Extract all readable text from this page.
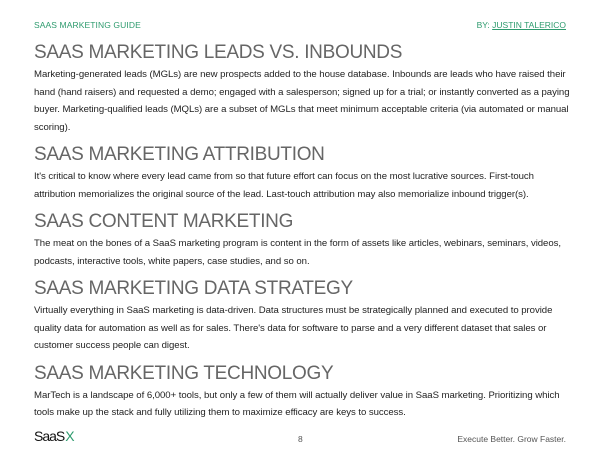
SAAS MARKETING GUIDE	BY: JUSTIN TALERICO
SAAS MARKETING LEADS VS. INBOUNDS

Marketing-generated leads (MGLs) are new prospects added to the house database. Inbounds are leads who have raised their hand (hand raisers) and requested a demo; engaged with a salesperson; signed up for a trial; or instantly converted as a paying buyer. Marketing-qualified leads (MQLs) are a subset of MGLs that meet minimum acceptable criteria (via automated or manual scoring).

SAAS MARKETING ATTRIBUTION

It's critical to know where every lead came from so that future effort can focus on the most lucrative sources. First-touch attribution memorializes the original source of the lead. Last-touch attribution may also memorialize inbound trigger(s).

SAAS CONTENT MARKETING

The meat on the bones of a SaaS marketing program is content in the form of assets like articles, webinars, seminars, videos, podcasts, interactive tools, white papers, case studies, and so on.

SAAS MARKETING DATA STRATEGY

Virtually everything in SaaS marketing is data-driven. Data structures must be strategically planned and executed to provide quality data for automation as well as for sales. There's data for software to parse and a very different dataset that sales or customer success people can digest.

SAAS MARKETING TECHNOLOGY

MarTech is a landscape of 6,000+ tools, but only a few of them will actually deliver value in SaaS marketing. Prioritizing which tools make up the stack and fully utilizing them to maximize efficacy are keys to success.

SaaSX	8	Execute Better. Grow Faster.
